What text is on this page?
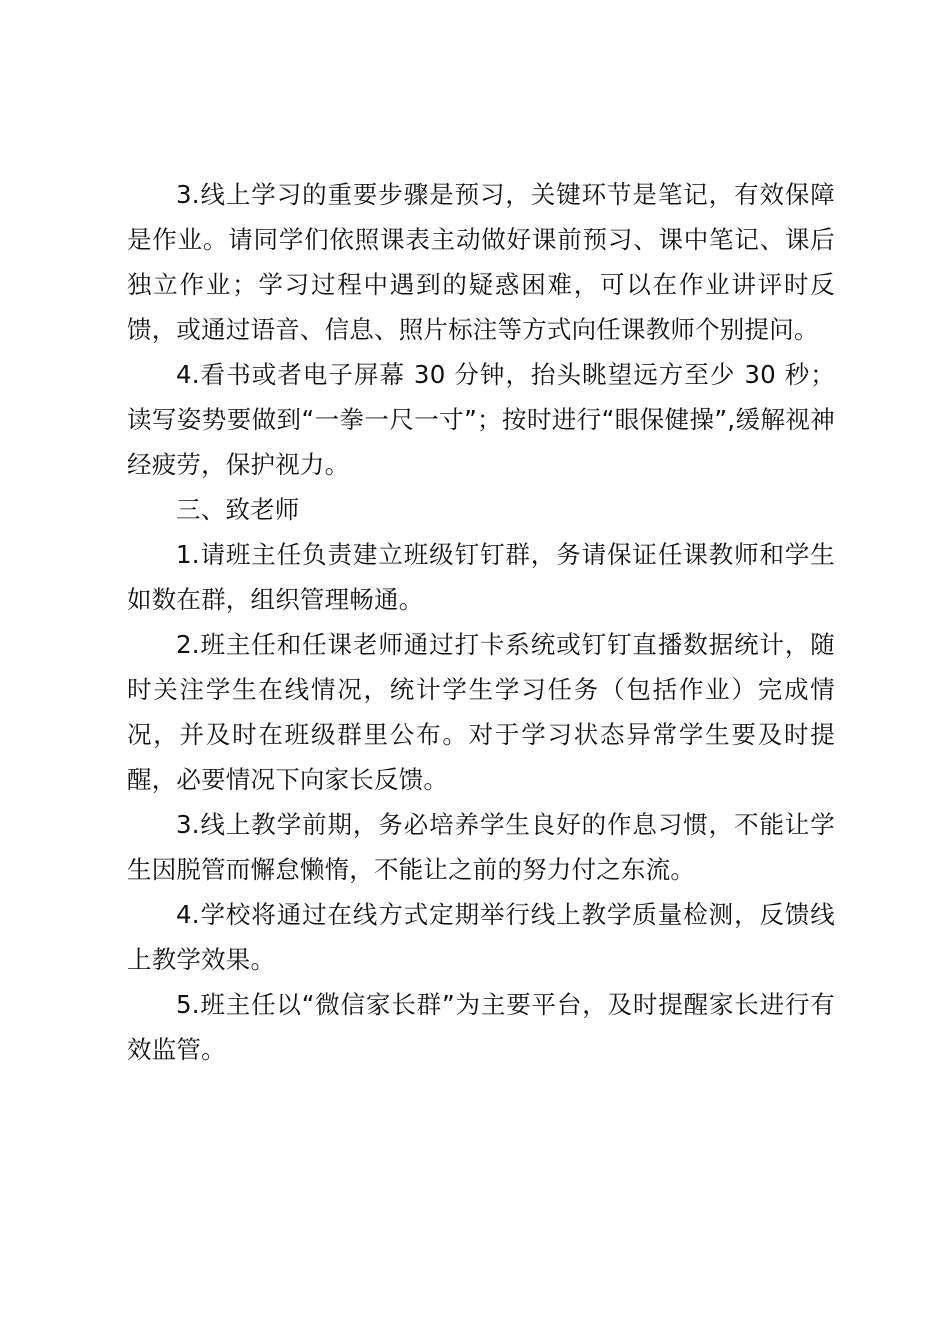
3.线上学习的重要步骤是预习，关键环节是笔记，有效保障是作业。请同学们依照课表主动做好课前预习、课中笔记、课后独立作业；学习过程中遇到的疑惑困难，可以在作业讲评时反馈，或通过语音、信息、照片标注等方式向任课教师个别提问。

4.看书或者电子屏幕 30 分钟，抬头眺望远方至少 30 秒；读写姿势要做到“一拳一尺一寸”；按时进行“眼保健操”,缓解视神经疲劳，保护视力。

三、致老师

1.请班主任负责建立班级钉钉群，务请保证任课教师和学生如数在群，组织管理畅通。

2.班主任和任课老师通过打卡系统或钉钉直播数据统计，随时关注学生在线情况，统计学生学习任务（包括作业）完成情况，并及时在班级群里公布。对于学习状态异常学生要及时提醒，必要情况下向家长反馈。

3.线上教学前期，务必培养学生良好的作息习惯，不能让学生因脱管而懈怠懒惰，不能让之前的努力付之东流。

4.学校将通过在线方式定期举行线上教学质量检测，反馈线上教学效果。

5.班主任以“微信家长群”为主要平台，及时提醒家长进行有效监管。
